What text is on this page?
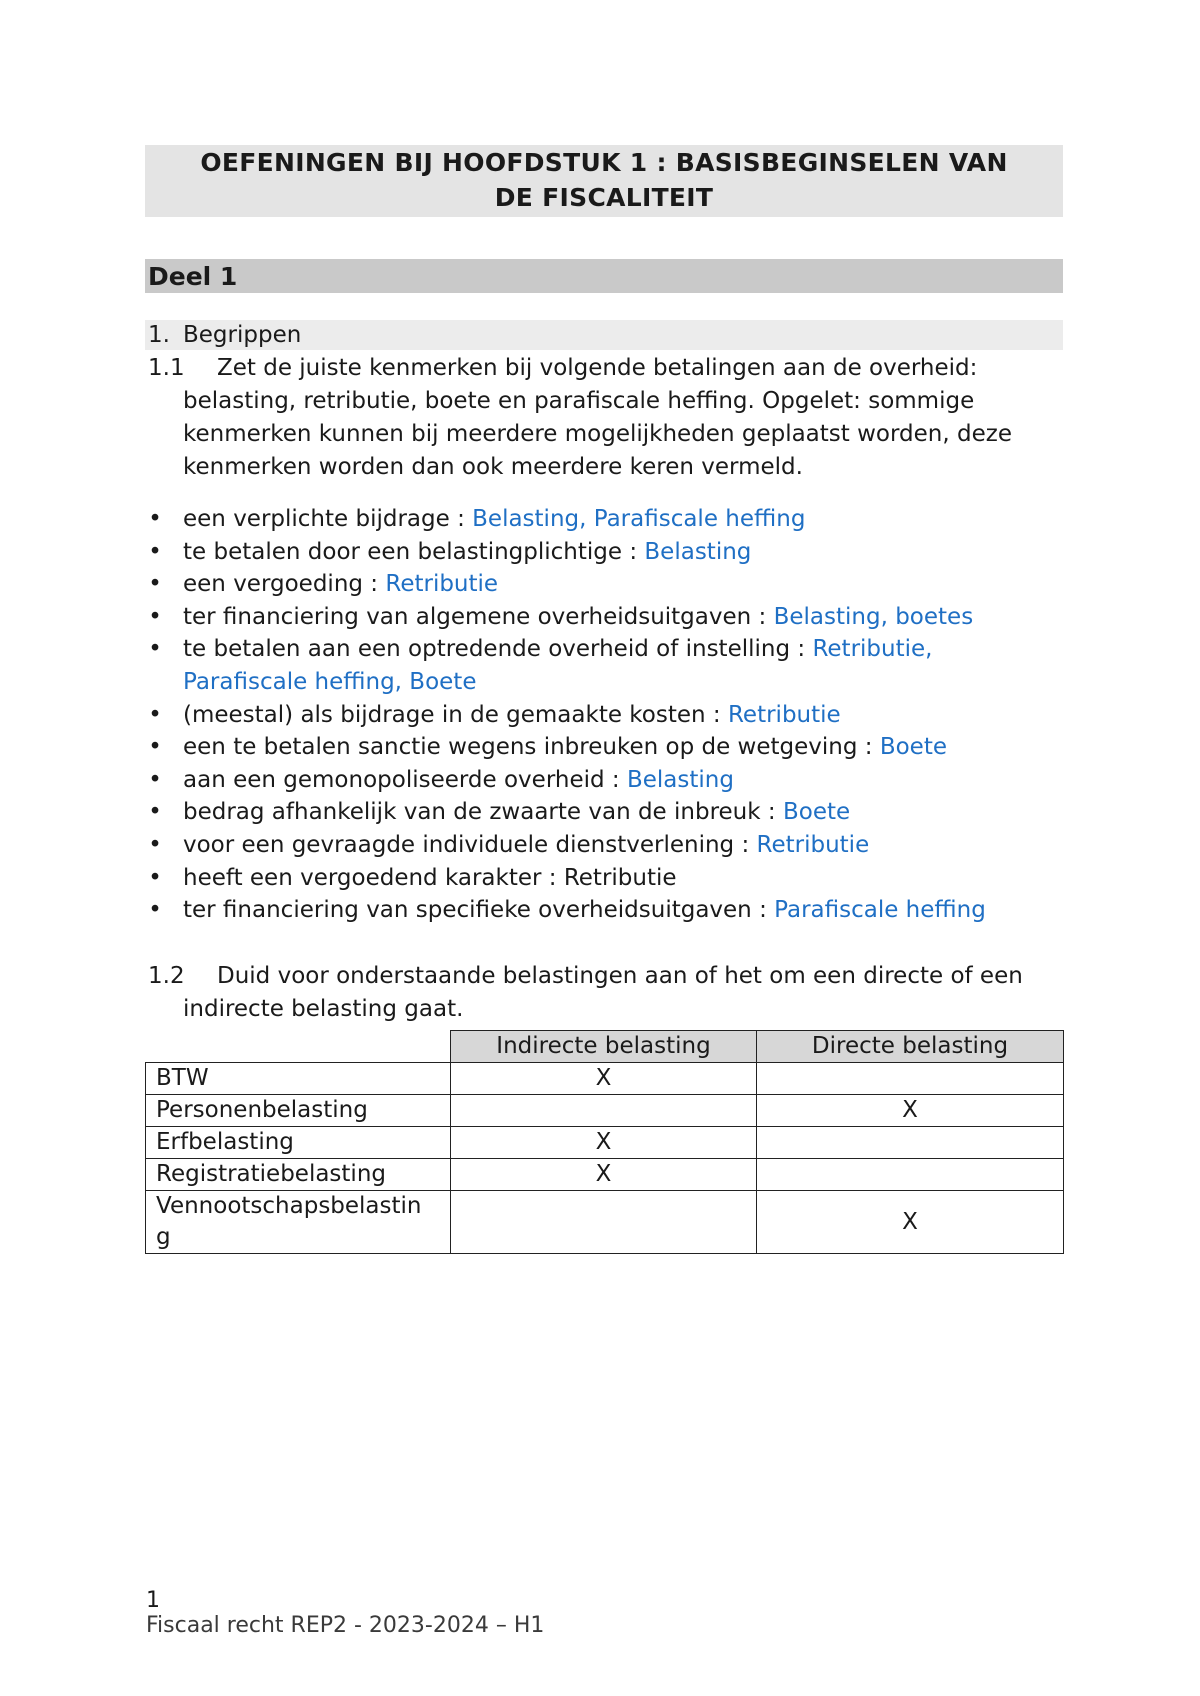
OEFENINGEN BIJ HOOFDSTUK 1 : BASISBEGINSELEN VAN
DE FISCALITEIT
Deel 1
1. Begrippen
1.1	Zet de juiste kenmerken bij volgende betalingen aan de overheid: belasting, retributie, boete en parafiscale heffing. Opgelet: sommige kenmerken kunnen bij meerdere mogelijkheden geplaatst worden, deze kenmerken worden dan ook meerdere keren vermeld.
• een verplichte bijdrage : Belasting, Parafiscale heffing
• te betalen door een belastingplichtige : Belasting
• een vergoeding : Retributie
• ter financiering van algemene overheidsuitgaven : Belasting, boetes
• te betalen aan een optredende overheid of instelling : Retributie, Parafiscale heffing, Boete
• (meestal) als bijdrage in de gemaakte kosten : Retributie
• een te betalen sanctie wegens inbreuken op de wetgeving : Boete
• aan een gemonopoliseerde overheid : Belasting
• bedrag afhankelijk van de zwaarte van de inbreuk : Boete
• voor een gevraagde individuele dienstverlening : Retributie
• heeft een vergoedend karakter : Retributie
• ter financiering van specifieke overheidsuitgaven : Parafiscale heffing
1.2	Duid voor onderstaande belastingen aan of het om een directe of een indirecte belasting gaat.
	Indirecte belasting	Directe belasting
BTW	X	
Personenbelasting		X
Erfbelasting	X	
Registratiebelasting	X	
Vennootschapsbelastin g		X
1
Fiscaal recht REP2 - 2023-2024 – H1
